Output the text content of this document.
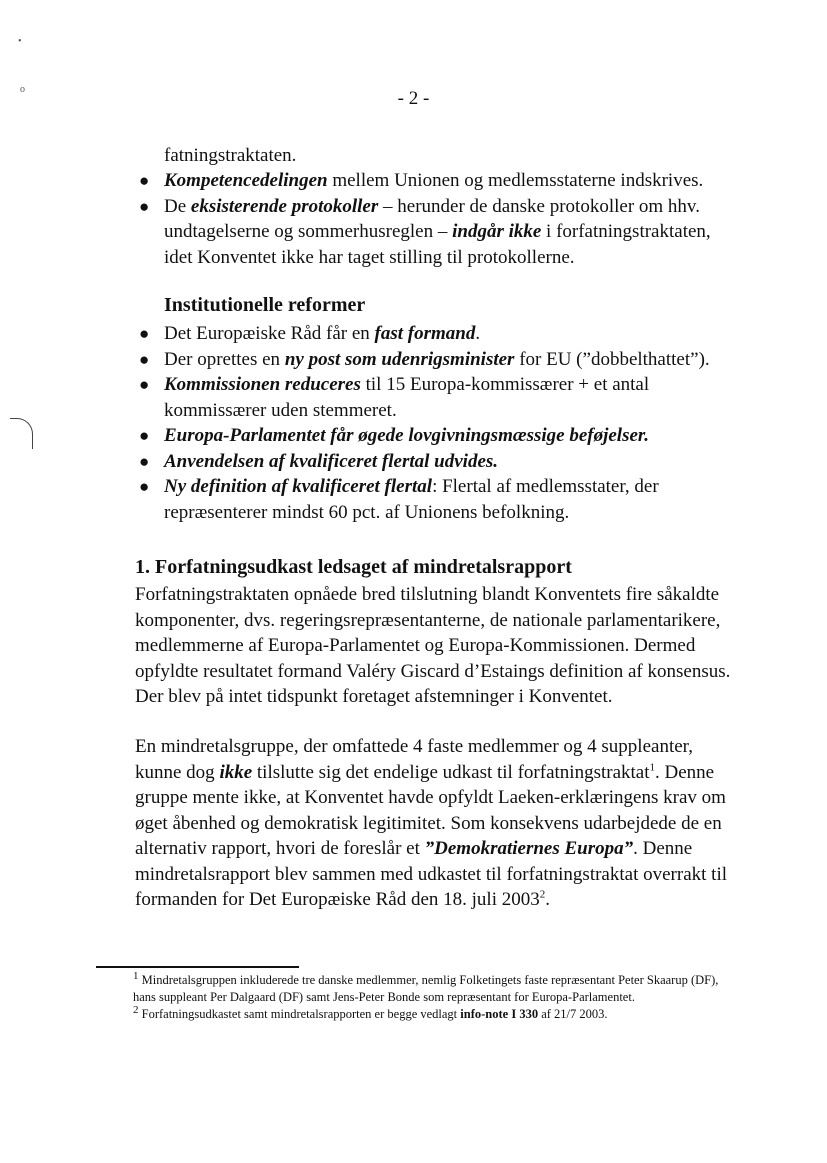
•
o	- 2 -
fatningstraktaten.
● Kompetencedelingen mellem Unionen og medlemsstaterne indskrives.
● De eksisterende protokoller – herunder de danske protokoller om hhv. undtagelserne og sommerhusreglen – indgår ikke i forfatningstraktaten, idet Konventet ikke har taget stilling til protokollerne.
Institutionelle reformer
● Det Europæiske Råd får en fast formand.
● Der oprettes en ny post som udenrigsminister for EU (”dobbelthattet”).
● Kommissionen reduceres til 15 Europa-kommissærer + et antal kommissærer uden stemmeret.
● Europa-Parlamentet får øgede lovgivningsmæssige beføjelser.
● Anvendelsen af kvalificeret flertal udvides.
● Ny definition af kvalificeret flertal: Flertal af medlemsstater, der repræsenterer mindst 60 pct. af Unionens befolkning.
1. Forfatningsudkast ledsaget af mindretalsrapport

Forfatningstraktaten opnåede bred tilslutning blandt Konventets fire såkaldte komponenter, dvs. regeringsrepræsentanterne, de nationale parlamentarikere, medlemmerne af Europa-Parlamentet og Europa-Kommissionen. Dermed opfyldte resultatet formand Valéry Giscard d’Estaings definition af konsensus. Der blev på intet tidspunkt foretaget afstemninger i Konventet.

En mindretalsgruppe, der omfattede 4 faste medlemmer og 4 suppleanter, kunne dog ikke tilslutte sig det endelige udkast til forfatningstraktat$^1$. Denne gruppe mente ikke, at Konventet havde opfyldt Laeken-erklæringens krav om øget åbenhed og demokratisk legitimitet. Som konsekvens udarbejdede de en alternativ rapport, hvori de foreslår et ”Demokratiernes Europa”. Denne mindretalsrapport blev sammen med udkastet til forfatningstraktat overrakt til formanden for Det Europæiske Råd den 18. juli 2003$^2$.

$^1$ Mindretalsgruppen inkluderede tre danske medlemmer, nemlig Folketingets faste repræsentant Peter Skaarup (DF), hans suppleant Per Dalgaard (DF) samt Jens-Peter Bonde som repræsentant for Europa-Parlamentet.

$^2$ Forfatningsudkastet samt mindretalsrapporten er begge vedlagt info-note I 330 af 21/7 2003.
